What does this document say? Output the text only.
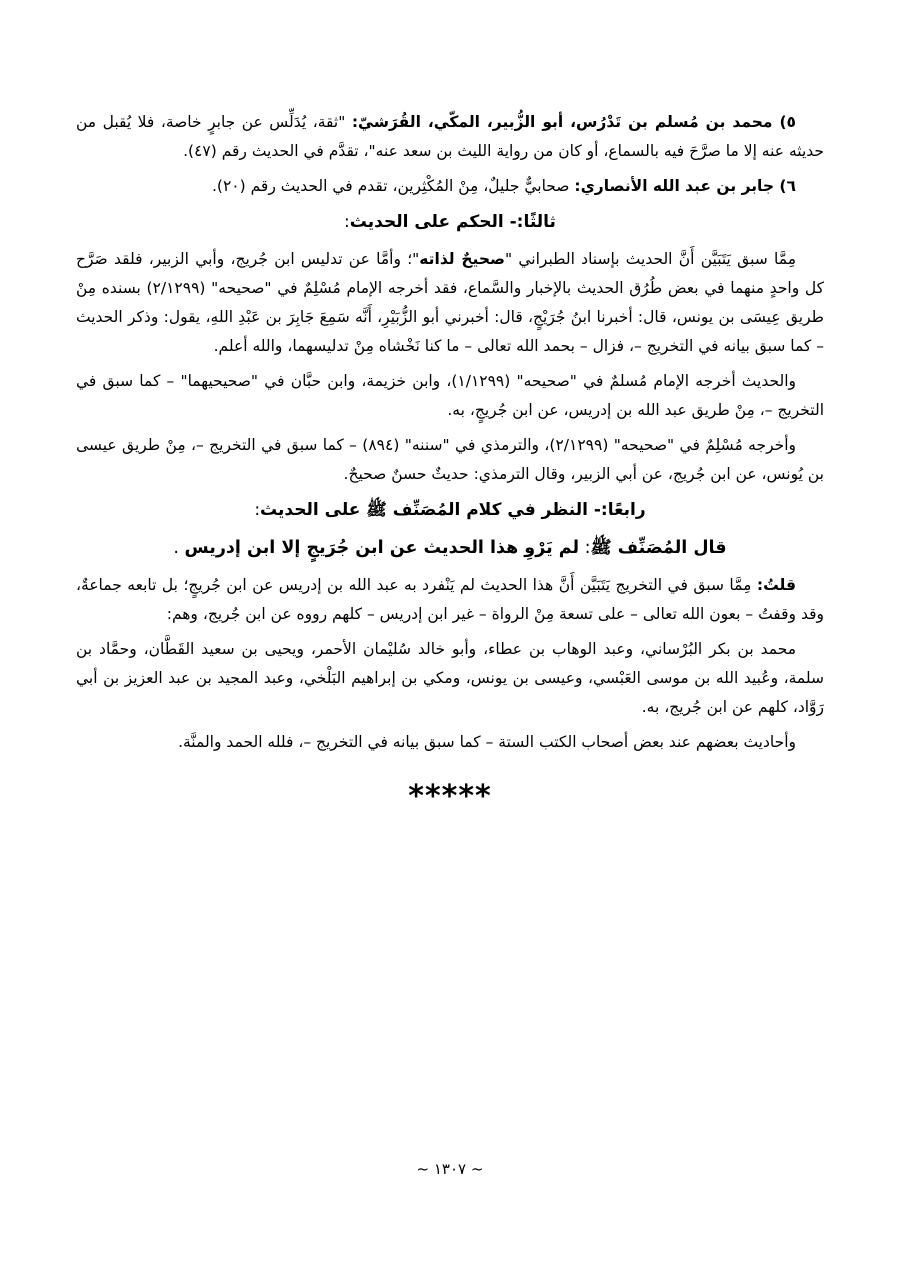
٥) محمد بن مُسلم بن تَدْرُس، أبو الزُّبير، المكّي، القُرَشيّ: "ثقة، يُدَلِّس عن جابرٍ خاصة، فلا يُقبل من حديثه عنه إلا ما صرَّحَ فيه بالسماع، أو كان من رواية الليث بن سعد عنه"، تقدَّم في الحديث رقم (٤٧).

٦) جابر بن عبد الله الأنصاري: صحابيٌّ جليلٌ، مِنْ المُكْثِرين، تقدم في الحديث رقم (٢٠).

ثالثًا:- الحكم على الحديث:

مِمَّا سبق يَتَبَيَّن أَنَّ الحديث بإسناد الطبراني "صحيحٌ لذاته"؛ وأمَّا عن تدليس ابن جُريج، وأبي الزبير، فلقد صَرَّح كل واحدٍ منهما في بعض طُرُق الحديث بالإخبار والسَّماع، فقد أخرجه الإمام مُسْلِمٌ في "صحيحه" (٢/١٢٩٩) بسنده مِنْ طريق عِيسَى بن يونس، قال: أخبرنا ابنُ جُرَيْجٍ، قال: أخبرني أبو الزُّبَيْرِ، أَنَّه سَمِعَ جَابِرَ بن عَبْدِ اللهِ، يقول: وذكر الحديث – كما سبق بيانه في التخريج –، فزال – بحمد الله تعالى – ما كنا نَخْشاه مِنْ تدليسهما، والله أعلم.

والحديث أخرجه الإمام مُسلمٌ في "صحيحه" (١/١٢٩٩)، وابن خزيمة، وابن حبَّان في "صحيحيهما" – كما سبق في التخريج –، مِنْ طريق عبد الله بن إدريس، عن ابن جُريجٍ، به.

وأخرجه مُسْلِمٌ في "صحيحه" (٢/١٢٩٩)، والترمذي في "سننه" (٨٩٤) – كما سبق في التخريج –، مِنْ طريق عيسى بن يُونس، عن ابن جُريج، عن أبي الزبير، وقال الترمذي: حديثٌ حسنٌ صحيحٌ.

رابعًا:- النظر في كلام المُصَنِّف ﷺ على الحديث:
قال المُصَنِّف ﷺ: لم يَرْوِ هذا الحديث عن ابن جُرَيجٍ إلا ابن إدريس .

قلتُ: مِمَّا سبق في التخريج يَتَبَيَّن أَنَّ هذا الحديث لم يَنْفرد به عبد الله بن إدريس عن ابن جُريجٍ؛ بل تابعه جماعةٌ، وقد وقفتُ – بعون الله تعالى – على تسعة مِنْ الرواة – غير ابن إدريس – كلهم رووه عن ابن جُريج، وهم:

محمد بن بكر البُرْساني، وعبد الوهاب بن عطاء، وأبو خالد سُليْمان الأحمر، ويحيى بن سعيد القَطَّان، وحمَّاد بن سلمة، وعُبيد الله بن موسى العَبْسي، وعيسى بن يونس، ومكي بن إبراهيم البَلْخي، وعبد المجيد بن عبد العزيز بن أبي رَوَّاد، كلهم عن ابن جُريج، به.

وأحاديث بعضهم عند بعض أصحاب الكتب الستة – كما سبق بيانه في التخريج –، فلله الحمد والمنَّة.

*****
~ ١٣٠٧ ~
